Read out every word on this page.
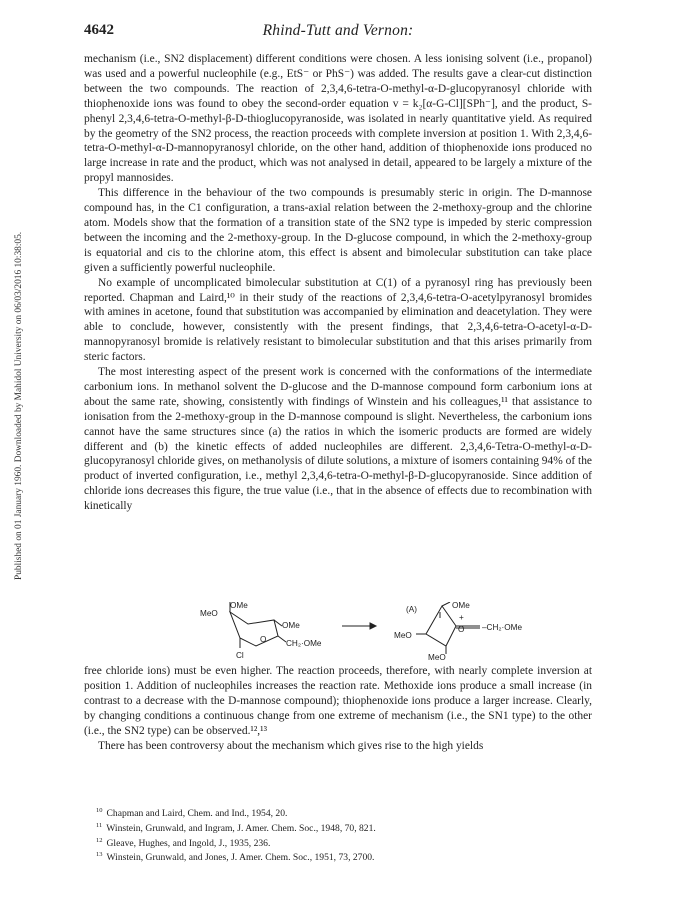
Published on 01 January 1960. Downloaded by Mahidol University on 06/03/2016 10:38:05.
4642	Rhind-Tutt and Vernon:

mechanism (i.e., SN2 displacement) different conditions were chosen. A less ionising solvent (i.e., propanol) was used and a powerful nucleophile (e.g., EtS⁻ or PhS⁻) was added. The results gave a clear-cut distinction between the two compounds. The reaction of 2,3,4,6-tetra-O-methyl-α-D-glucopyranosyl chloride with thiophenoxide ions was found to obey the second-order equation v = k₂[α-G-Cl][SPh⁻], and the product, S-phenyl 2,3,4,6-tetra-O-methyl-β-D-thioglucopyranoside, was isolated in nearly quantitative yield. As required by the geometry of the SN2 process, the reaction proceeds with complete inversion at position 1. With 2,3,4,6-tetra-O-methyl-α-D-mannopyranosyl chloride, on the other hand, addition of thiophenoxide ions produced no large increase in rate and the product, which was not analysed in detail, appeared to be largely a mixture of the propyl mannosides.

This difference in the behaviour of the two compounds is presumably steric in origin. The D-mannose compound has, in the C1 configuration, a trans-axial relation between the 2-methoxy-group and the chlorine atom. Models show that the formation of a transition state of the SN2 type is impeded by steric compression between the incoming and the 2-methoxy-group. In the D-glucose compound, in which the 2-methoxy-group is equatorial and cis to the chlorine atom, this effect is absent and bimolecular substitution can take place given a sufficiently powerful nucleophile.

No example of uncomplicated bimolecular substitution at C(1) of a pyranosyl ring has previously been reported. Chapman and Laird,¹⁰ in their study of the reactions of 2,3,4,6-tetra-O-acetylpyranosyl bromides with amines in acetone, found that substitution was accompanied by elimination and deacetylation. They were able to conclude, however, consistently with the present findings, that 2,3,4,6-tetra-O-acetyl-α-D-mannopyranosyl bromide is relatively resistant to bimolecular substitution and that this arises primarily from steric factors.

The most interesting aspect of the present work is concerned with the conformations of the intermediate carbonium ions. In methanol solvent the D-glucose and the D-mannose compound form carbonium ions at about the same rate, showing, consistently with findings of Winstein and his colleagues,¹¹ that assistance to ionisation from the 2-methoxy-group in the D-mannose compound is slight. Nevertheless, the carbonium ions cannot have the same structures since (a) the ratios in which the isomeric products are formed are widely different and (b) the kinetic effects of added nucleophiles are different. 2,3,4,6-Tetra-O-methyl-α-D-glucopyranosyl chloride gives, on methanolysis of dilute solutions, a mixture of isomers containing 94% of the product of inverted configuration, i.e., methyl 2,3,4,6-tetra-O-methyl-β-D-glucopyranoside. Since addition of chloride ions decreases this figure, the true value (i.e., that in the absence of effects due to recombination with kinetically

MeO
OMe
OMe
O
Cl
CH₂·OMe
(A)	OMe
+
O –CH₂·OMe
MeO
MeO

free chloride ions) must be even higher. The reaction proceeds, therefore, with nearly complete inversion at position 1. Addition of nucleophiles increases the reaction rate. Methoxide ions produce a small increase (in contrast to a decrease with the D-mannose compound); thiophenoxide ions produce a larger increase. Clearly, by changing conditions a continuous change from one extreme of mechanism (i.e., the SN1 type) to the other (i.e., the SN2 type) can be observed.¹²,¹³

There has been controversy about the mechanism which gives rise to the high yields

$^{10}$ Chapman and Laird, Chem. and Ind., 1954, 20.
$^{11}$ Winstein, Grunwald, and Ingram, J. Amer. Chem. Soc., 1948, 70, 821.
$^{12}$ Gleave, Hughes, and Ingold, J., 1935, 236.
$^{13}$ Winstein, Grunwald, and Jones, J. Amer. Chem. Soc., 1951, 73, 2700.
